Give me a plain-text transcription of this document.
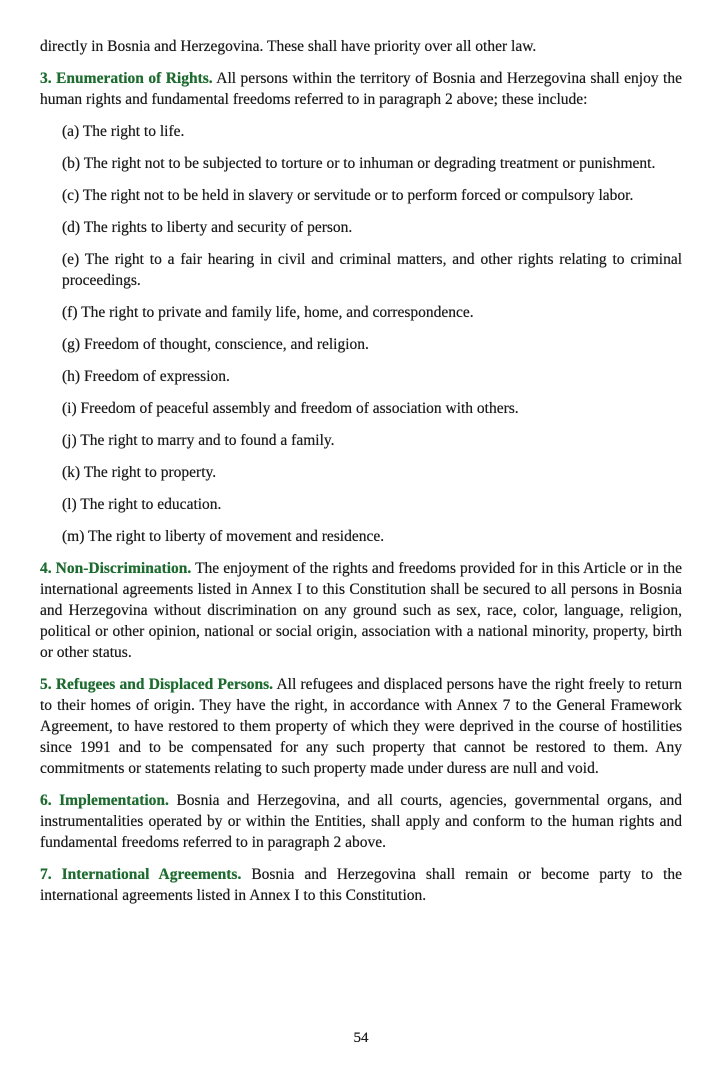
directly in Bosnia and Herzegovina. These shall have priority over all other law.

3. Enumeration of Rights. All persons within the territory of Bosnia and Herzegovina shall enjoy the human rights and fundamental freedoms referred to in paragraph 2 above; these include:

(a) The right to life.

(b) The right not to be subjected to torture or to inhuman or degrading treatment or punishment.

(c) The right not to be held in slavery or servitude or to perform forced or compulsory labor.

(d) The rights to liberty and security of person.

(e) The right to a fair hearing in civil and criminal matters, and other rights relating to criminal proceedings.

(f) The right to private and family life, home, and correspondence.

(g) Freedom of thought, conscience, and religion.

(h) Freedom of expression.

(i) Freedom of peaceful assembly and freedom of association with others.

(j) The right to marry and to found a family.

(k) The right to property.

(l) The right to education.

(m) The right to liberty of movement and residence.

4. Non-Discrimination. The enjoyment of the rights and freedoms provided for in this Article or in the international agreements listed in Annex I to this Constitution shall be secured to all persons in Bosnia and Herzegovina without discrimination on any ground such as sex, race, color, language, religion, political or other opinion, national or social origin, association with a national minority, property, birth or other status.

5. Refugees and Displaced Persons. All refugees and displaced persons have the right freely to return to their homes of origin. They have the right, in accordance with Annex 7 to the General Framework Agreement, to have restored to them property of which they were deprived in the course of hostilities since 1991 and to be compensated for any such property that cannot be restored to them. Any commitments or statements relating to such property made under duress are null and void.

6. Implementation. Bosnia and Herzegovina, and all courts, agencies, governmental organs, and instrumentalities operated by or within the Entities, shall apply and conform to the human rights and fundamental freedoms referred to in paragraph 2 above.

7. International Agreements. Bosnia and Herzegovina shall remain or become party to the international agreements listed in Annex I to this Constitution.

54
